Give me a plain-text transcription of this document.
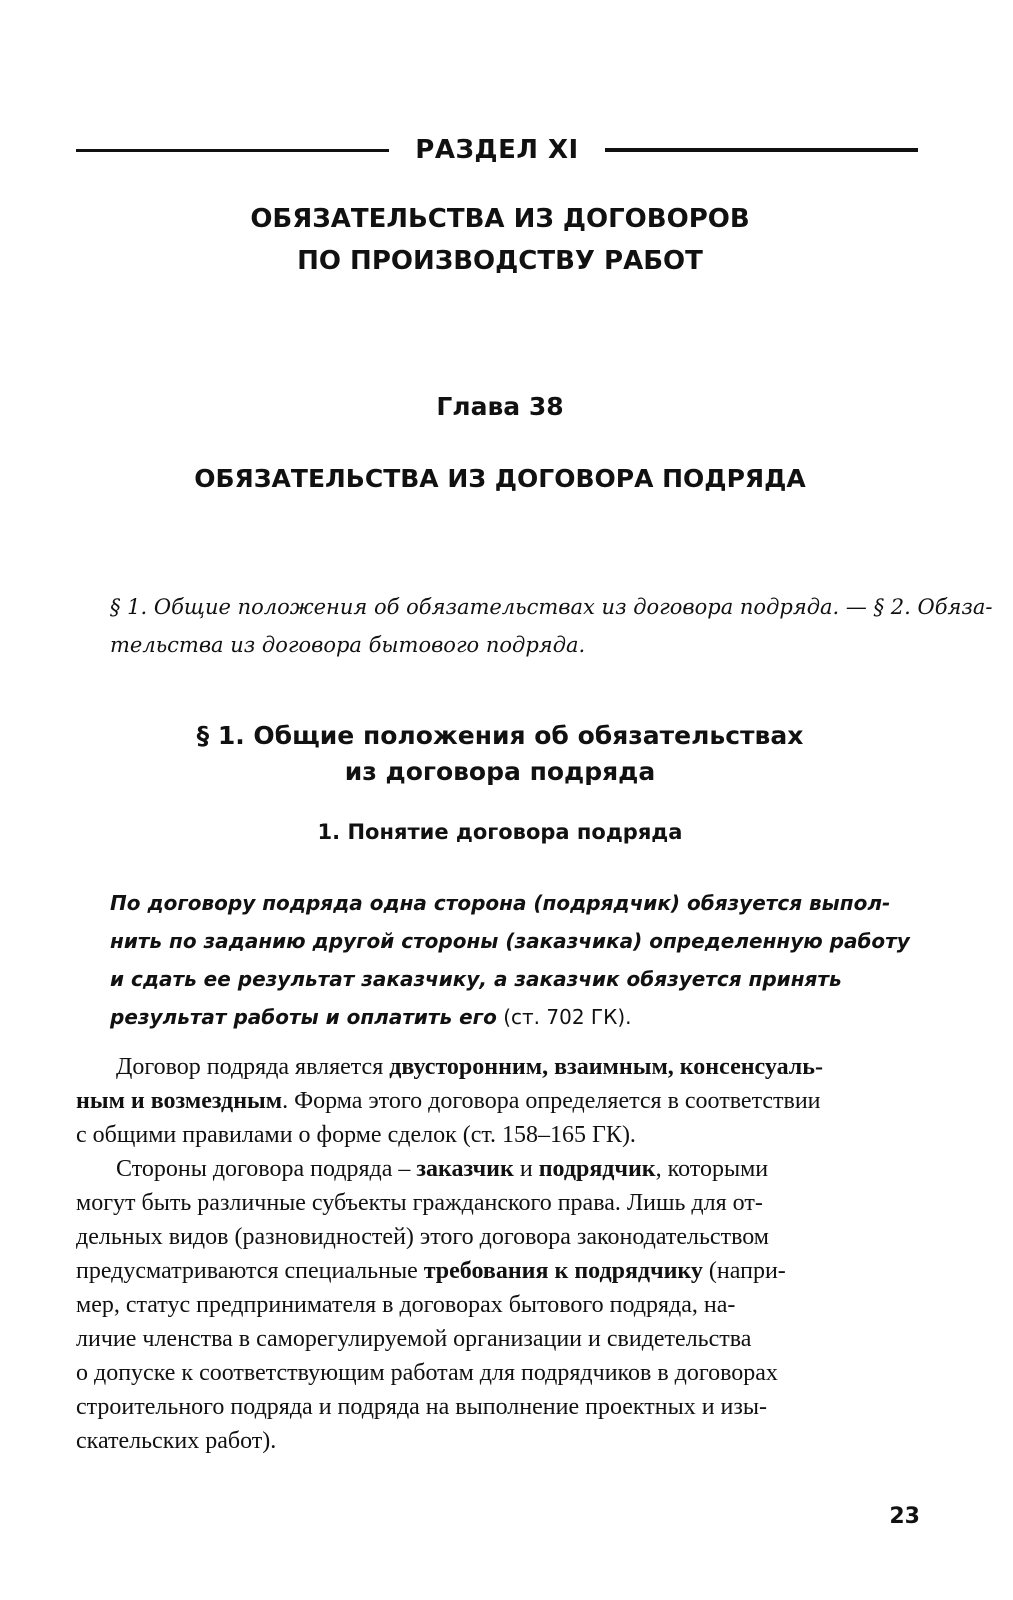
РАЗДЕЛ XI
ОБЯЗАТЕЛЬСТВА ИЗ ДОГОВОРОВ
ПО ПРОИЗВОДСТВУ РАБОТ
Глава 38
ОБЯЗАТЕЛЬСТВА ИЗ ДОГОВОРА ПОДРЯДА
§ 1. Общие положения об обязательствах из договора подряда. — § 2. Обяза-
тельства из договора бытового подряда.
§ 1. Общие положения об обязательствах
из договора подряда
1. Понятие договора подряда
По договору подряда одна сторона (подрядчик) обязуется выпол-
нить по заданию другой стороны (заказчика) определенную работу
и сдать ее результат заказчику, а заказчик обязуется принять
результат работы и оплатить его (ст. 702 ГК).
Договор подряда является двусторонним, взаимным, консенсуаль-
ным и возмездным. Форма этого договора определяется в соответствии
с общими правилами о форме сделок (ст. 158–165 ГК).
Стороны договора подряда – заказчик и подрядчик, которыми
могут быть различные субъекты гражданского права. Лишь для от-
дельных видов (разновидностей) этого договора законодательством
предусматриваются специальные требования к подрядчику (напри-
мер, статус предпринимателя в договорах бытового подряда, на-
личие членства в саморегулируемой организации и свидетельства
о допуске к соответствующим работам для подрядчиков в договорах
строительного подряда и подряда на выполнение проектных и изы-
скательских работ).
23
